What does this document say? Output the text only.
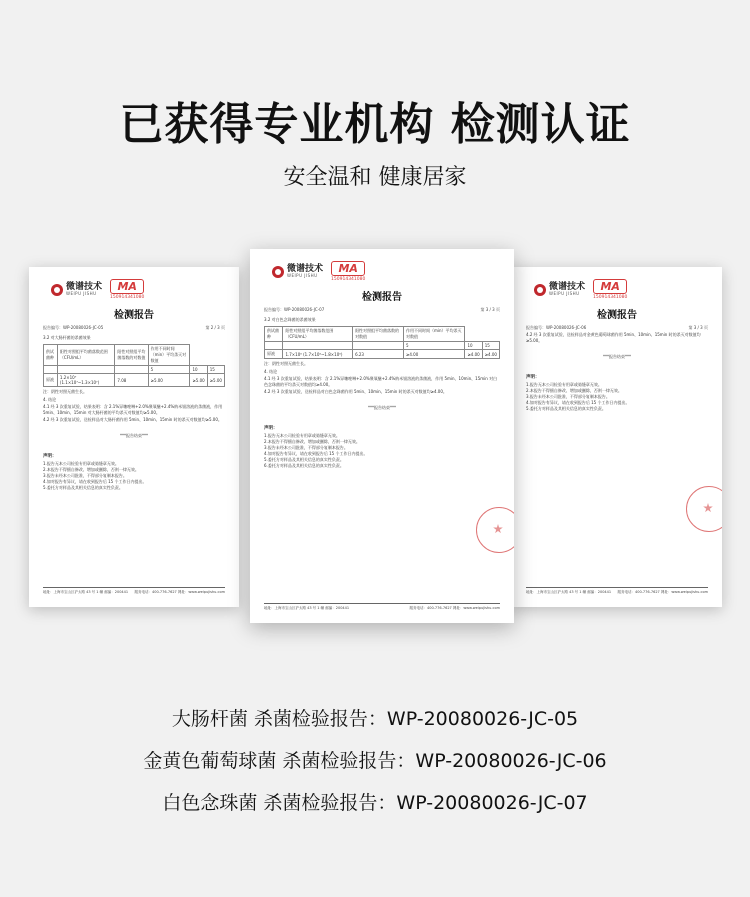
已获得专业机构 检测认证
安全温和 健康居家
微谱技术
WEIPU JISHU
MA
150914341080
检测报告
报告编号：WP-20080026-JC-05	第 2 / 3 页
3.2 对大肠杆菌的杀菌效果
供试菌种	阳性对照组平均菌落数范围（CFU/mL）	阳性对照组平均菌落数的对数值	作用不同时间（min）平均杀灭对数值		
			5	10	15
原液	1.2×10⁷ (1.1×10⁷~1.3×10⁷)	7.08	≥5.00	≥5.00	≥5.00
注：阴性对照无菌生长。
4. 结论
4.1 经 3 次重复试验，结果表明：含 2.1%异噻唑啉+2.0%聚氧醚+2.4%纳米银溶液的杀菌液，作用 5min、10min、15min 对大肠杆菌的平均杀灭对数值均≥5.00。
4.2 经 3 次重复试验，送检样品对大肠杆菌作用 5min、10min、15min 时的杀灭对数值均≥5.00。
***报告结束***
声明：
1.报告无本公司检验专用章或骑缝章无效。
2.本报告不得擅自修改、增加或删除，否则一律无效。
3.报告未经本公司批准，不得部分复制本报告。
4.如对报告有异议，请在收到报告后 15 个工作日内提出。
5.委托方对样品及其相关信息的真实性负责。
地址：上海市宝山区沪太路 43 号 1 幢 邮编：200441 服务电话：400-776-7627 网址：www.weipujishu.com
微谱技术
WEIPU JISHU
MA
150914341080
检测报告
报告编号：WP-20080026-JC-06	第 3 / 3 页
4.2 经 3 次重复试验，送检样品对金黄色葡萄球菌作用 5min、10min、15min 时的杀灭对数值均≥5.00。
***报告结束***
声明：
1.报告无本公司检验专用章或骑缝章无效。
2.本报告不得擅自修改、增加或删除，否则一律无效。
3.报告未经本公司批准，不得部分复制本报告。
4.如对报告有异议，请在收到报告后 15 个工作日内提出。
5.委托方对样品及其相关信息的真实性负责。
地址：上海市宝山区沪太路 43 号 1 幢 邮编：200441 服务电话：400-776-7627 网址：www.weipujishu.com
微谱技术
WEIPU JISHU
MA
150914341080
检测报告
报告编号：WP-20080026-JC-07	第 3 / 3 页
3.2 对白色念珠菌的杀菌效果
供试菌种	阳性对照组平均菌落数范围（CFU/mL）	阳性对照组平均菌落数的对数值	作用不同时间（min）平均杀灭对数值		
			5	10	15
原液	1.7×10⁶ (1.7×10⁶~1.8×10⁶)	6.23	≥4.00	≥4.00	≥4.00
注：阴性对照无菌生长。
4. 结论
4.1 经 3 次重复试验，结果表明：含 2.1%异噻唑啉+2.0%聚氧醚+2.4%纳米银溶液的杀菌液，作用 5min、10min、15min 对白色念珠菌的平均杀灭对数值均≥4.00。
4.2 经 3 次重复试验，送检样品对白色念珠菌作用 5min、10min、15min 时的杀灭对数值均≥4.00。
***报告结束***
声明：
1.报告无本公司检验专用章或骑缝章无效。
2.本报告不得擅自修改、增加或删除，否则一律无效。
3.报告未经本公司批准，不得部分复制本报告。
4.如对报告有异议，请在收到报告后 15 个工作日内提出。
5.委托方对样品及其相关信息的真实性负责。
6.委托方对样品及其相关信息的真实性负责。
地址：上海市宝山区沪太路 43 号 1 幢 邮编：200441	服务电话：400-776-7627 网址：www.weipujishu.com
大肠杆菌 杀菌检验报告：WP-20080026-JC-05
金黄色葡萄球菌 杀菌检验报告：WP-20080026-JC-06
白色念珠菌 杀菌检验报告：WP-20080026-JC-07
